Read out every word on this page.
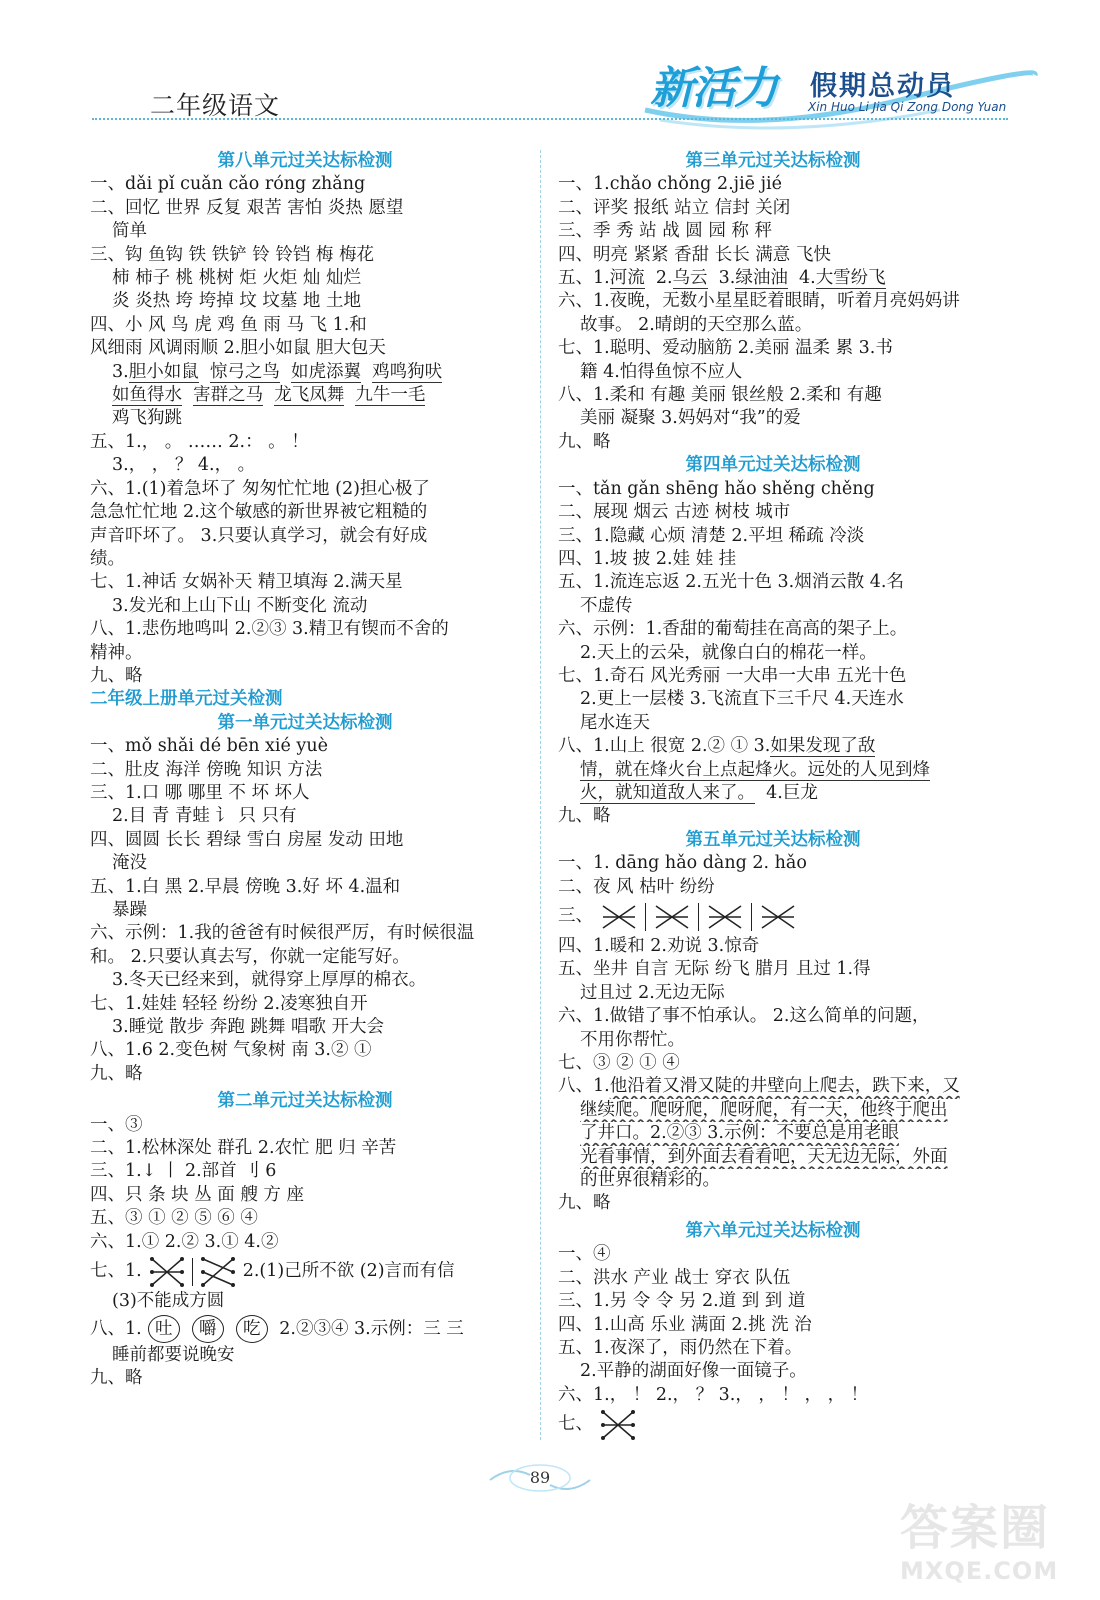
二年级语文	新活力 假期总动员
Xin Huo Li Jia Qi Zong Dong Yuan
第八单元过关达标检测
一、dǎi pǐ cuǎn cǎo róng zhǎng
二、回忆 世界 反复 艰苦 害怕 炎热 愿望
简单
三、钩 鱼钩 铁 铁铲 铃 铃铛 梅 梅花
柿 柿子 桃 桃树 炬 火炬 灿 灿烂
炎 炎热 垮 垮掉 坟 坟墓 地 土地
四、小 风 鸟 虎 鸡 鱼 雨 马 飞 1.和
风细雨 风调雨顺 2.胆小如鼠 胆大包天
3.胆小如鼠 惊弓之鸟 如虎添翼 鸡鸣狗吠
如鱼得水 害群之马 龙飞凤舞 九牛一毛
鸡飞狗跳
五、1.， 。 …… 2.： 。 ！
3.， ， ？ 4.， 。
六、1.(1)着急坏了 匆匆忙忙地 (2)担心极了
急急忙忙地 2.这个敏感的新世界被它粗糙的
声音吓坏了。 3.只要认真学习，就会有好成
绩。
七、1.神话 女娲补天 精卫填海 2.满天星
3.发光和上山下山 不断变化 流动
八、1.悲伤地鸣叫 2.②③ 3.精卫有锲而不舍的
精神。
九、略
二年级上册单元过关检测
第一单元过关达标检测
一、mǒ shǎi dé bēn xié yuè
二、肚皮 海洋 傍晚 知识 方法
三、1.口 哪 哪里 不 坏 坏人
2.目 青 青蛙 讠 只 只有
四、圆圆 长长 碧绿 雪白 房屋 发动 田地
淹没
五、1.白 黑 2.早晨 傍晚 3.好 坏 4.温和
暴躁
六、示例：1.我的爸爸有时候很严厉，有时候很温
和。 2.只要认真去写，你就一定能写好。
3.冬天已经来到，就得穿上厚厚的棉衣。
七、1.娃娃 轻轻 纷纷 2.凌寒独自开
3.睡觉 散步 奔跑 跳舞 唱歌 开大会
八、1.6 2.变色树 气象树 南 3.② ①
九、略
第二单元过关达标检测
一、③
二、1.松林深处 群孔 2.农忙 肥 归 辛苦
三、1.↓ 丨 2.部首 刂 6
四、只 条 块 丛 面 艘 方 座
五、③ ① ② ⑤ ⑥ ④
六、1.① 2.② 3.① 4.②
七、1.	2.(1)己所不欲 (2)言而有信
(3)不能成方圆
八、1. 吐 嚼 吃 2.②③④ 3.示例：三 三
睡前都要说晚安
九、略
第三单元过关达标检测
一、1.chǎo chǒng 2.jiē jié
二、评奖 报纸 站立 信封 关闭
三、季 秀 站 战 圆 园 称 秤
四、明亮 紧紧 香甜 长长 满意 飞快
五、1.河流  2.乌云  3.绿油油  4.大雪纷飞
六、1.夜晚，无数小星星眨着眼睛，听着月亮妈妈讲
故事。 2.晴朗的天空那么蓝。
七、1.聪明、爱动脑筋 2.美丽 温柔 累 3.书
籍 4.怕得鱼惊不应人
八、1.柔和 有趣 美丽 银丝般 2.柔和 有趣
美丽 凝聚 3.妈妈对“我”的爱
九、略
第四单元过关达标检测
一、tǎn gǎn shēng hǎo shěng chěng
二、展现 烟云 古迹 树枝 城市
三、1.隐藏 心烦 清楚 2.平坦 稀疏 冷淡
四、1.坡 披 2.娃 娃 挂
五、1.流连忘返 2.五光十色 3.烟消云散 4.名
不虚传
六、示例：1.香甜的葡萄挂在高高的架子上。
2.天上的云朵，就像白白的棉花一样。
七、1.奇石 风光秀丽 一大串一大串 五光十色
2.更上一层楼 3.飞流直下三千尺 4.天连水
尾水连天
八、1.山上 很宽 2.② ① 3.如果发现了敌
情，就在烽火台上点起烽火。远处的人见到烽
火，就知道敌人来了。 4.巨龙
九、略
第五单元过关达标检测
一、1. dāng hǎo dàng 2. hǎo
二、夜 风 枯叶 纷纷
三、
四、1.暖和 2.劝说 3.惊奇
五、坐井 自言 无际 纷飞 腊月 且过 1.得
过且过 2.无边无际
六、1.做错了事不怕承认。 2.这么简单的问题，
不用你帮忙。
七、③ ② ① ④
八、1.他沿着又滑又陡的井壁向上爬去，跌下来，又
继续爬。爬呀爬，爬呀爬，有一天，他终于爬出
了井口。2.②③ 3.示例：不要总是用老眼
光看事情，到外面去看看吧，天无边无际，外面
的世界很精彩的。
九、略
第六单元过关达标检测
一、④
二、洪水 产业 战士 穿衣 队伍
三、1.另 令 令 另 2.道 到 到 道
四、1.山高 乐业 满面 2.挑 洗 治
五、1.夜深了，雨仍然在下着。
2.平静的湖面好像一面镜子。
六、1.， ！ 2.， ？ 3.， ， ！ ， ， ！
七、
89
答案圈
MXQE.COM
